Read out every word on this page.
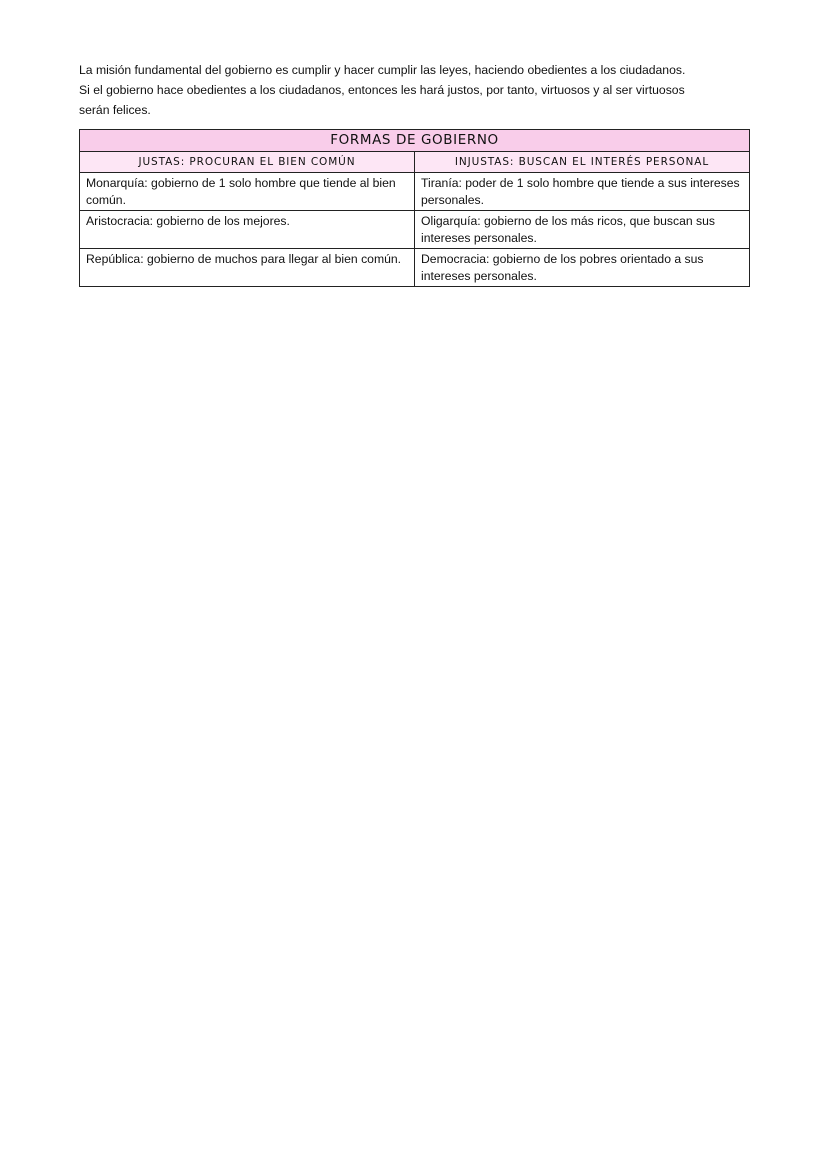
La misión fundamental del gobierno es cumplir y hacer cumplir las leyes, haciendo obedientes a los ciudadanos.
Si el gobierno hace obedientes a los ciudadanos, entonces les hará justos, por tanto, virtuosos y al ser virtuosos
serán felices.

FORMAS DE GOBIERNO	
JUSTAS: PROCURAN EL BIEN COMÚN	INJUSTAS: BUSCAN EL INTERÉS PERSONAL
Monarquía: gobierno de 1 solo hombre que tiende al bien común.	Tiranía: poder de 1 solo hombre que tiende a sus intereses personales.
Aristocracia: gobierno de los mejores.	Oligarquía: gobierno de los más ricos, que buscan sus intereses personales.
República: gobierno de muchos para llegar al bien común.	Democracia: gobierno de los pobres orientado a sus intereses personales.
